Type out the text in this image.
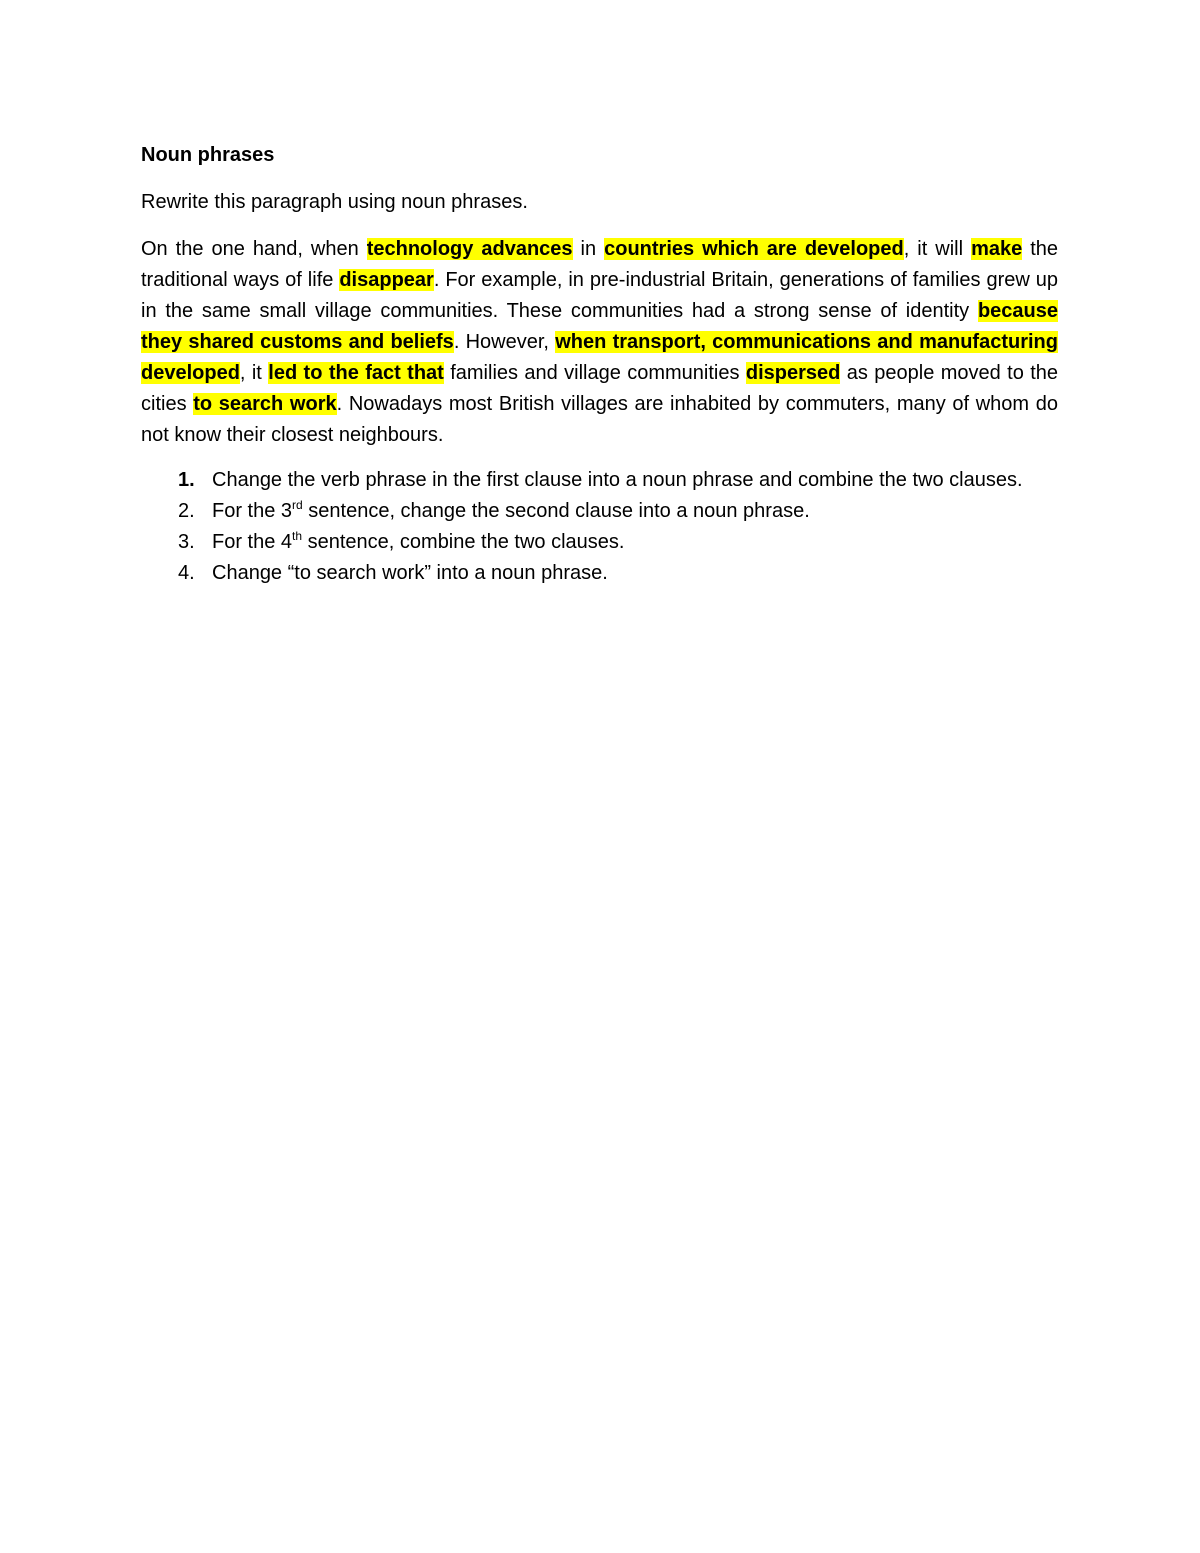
Noun phrases
Rewrite this paragraph using noun phrases.
On the one hand, when technology advances in countries which are developed, it will make the traditional ways of life disappear. For example, in pre-industrial Britain, generations of families grew up in the same small village communities. These communities had a strong sense of identity because they shared customs and beliefs. However, when transport, communications and manufacturing developed, it led to the fact that families and village communities dispersed as people moved to the cities to search work. Nowadays most British villages are inhabited by commuters, many of whom do not know their closest neighbours.
1. Change the verb phrase in the first clause into a noun phrase and combine the two clauses.
2. For the 3rd sentence, change the second clause into a noun phrase.
3. For the 4th sentence, combine the two clauses.
4. Change “to search work” into a noun phrase.
